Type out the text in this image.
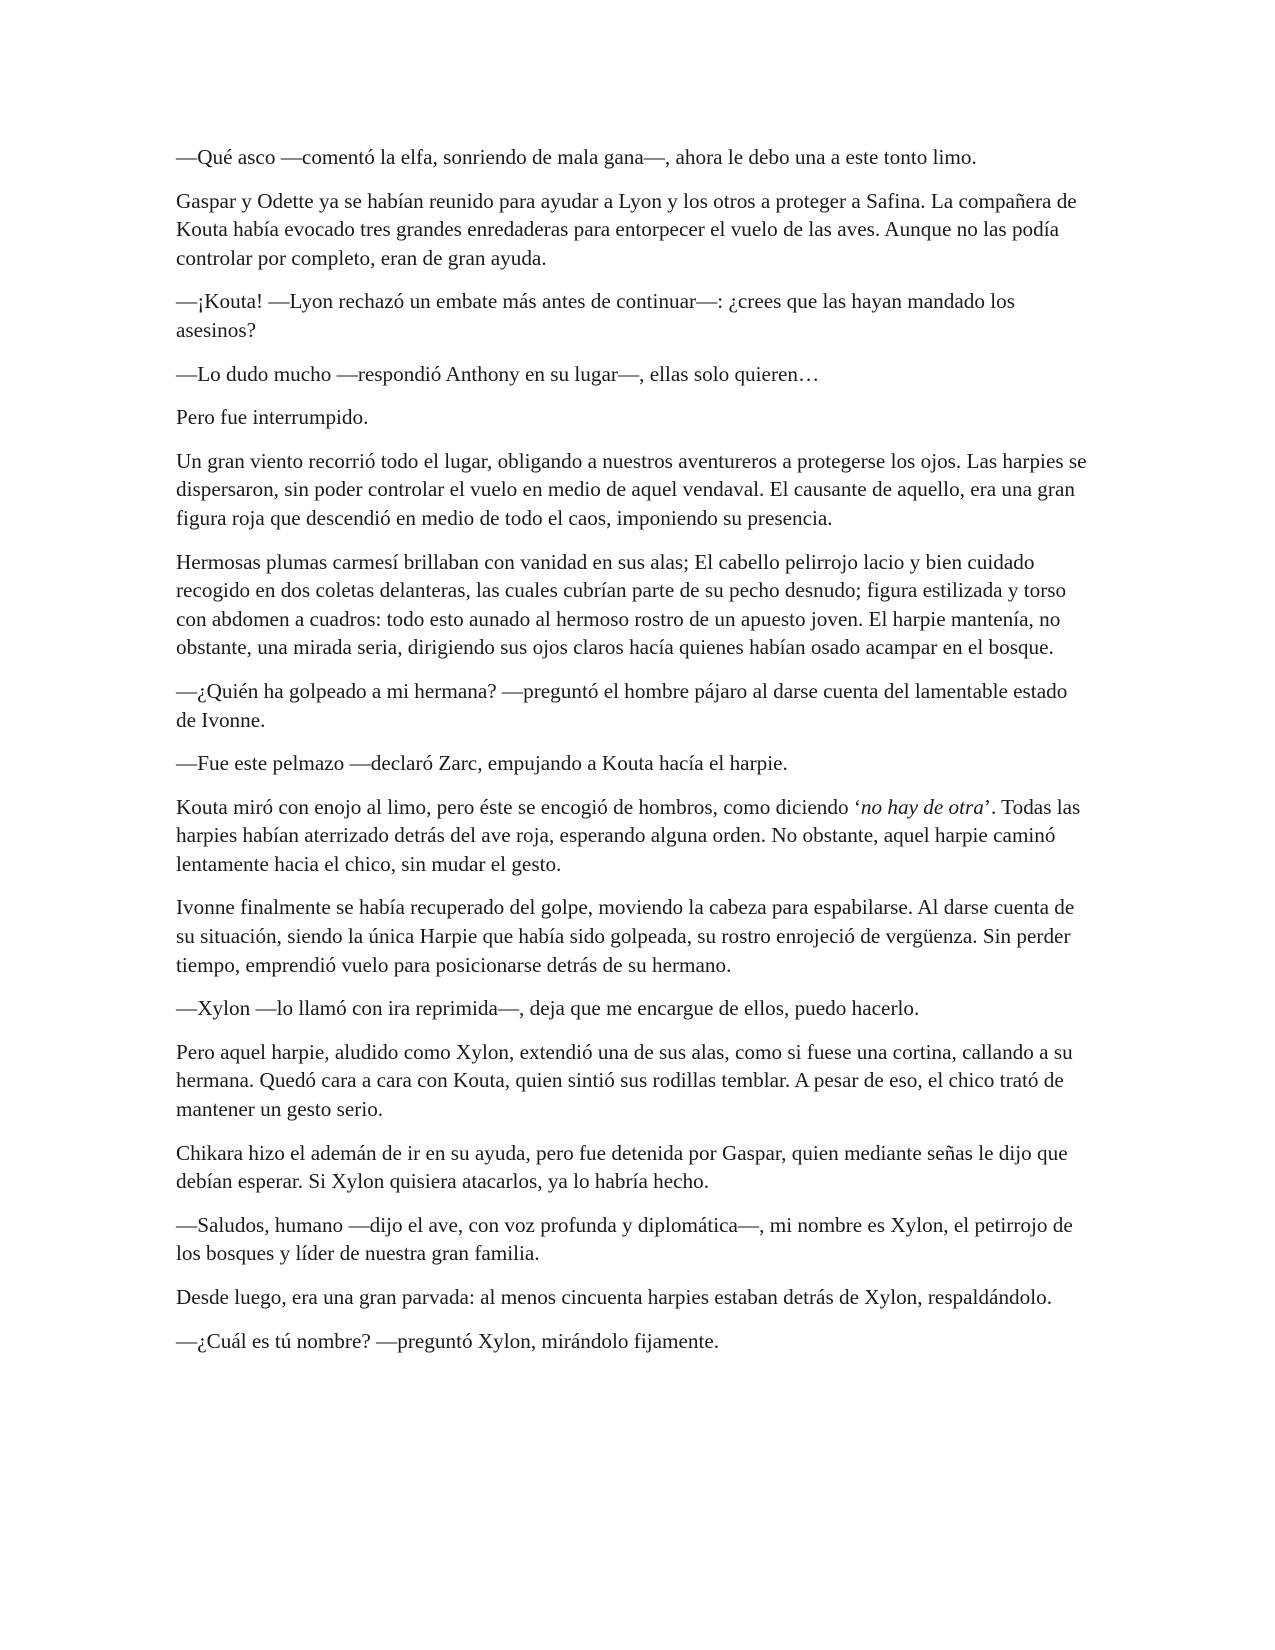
—Qué asco —comentó la elfa, sonriendo de mala gana—, ahora le debo una a este tonto limo.

Gaspar y Odette ya se habían reunido para ayudar a Lyon y los otros a proteger a Safina. La compañera de Kouta había evocado tres grandes enredaderas para entorpecer el vuelo de las aves. Aunque no las podía controlar por completo, eran de gran ayuda.

—¡Kouta! —Lyon rechazó un embate más antes de continuar—: ¿crees que las hayan mandado los asesinos?

—Lo dudo mucho —respondió Anthony en su lugar—, ellas solo quieren…

Pero fue interrumpido.

Un gran viento recorrió todo el lugar, obligando a nuestros aventureros a protegerse los ojos. Las harpies se dispersaron, sin poder controlar el vuelo en medio de aquel vendaval. El causante de aquello, era una gran figura roja que descendió en medio de todo el caos, imponiendo su presencia.

Hermosas plumas carmesí brillaban con vanidad en sus alas; El cabello pelirrojo lacio y bien cuidado recogido en dos coletas delanteras, las cuales cubrían parte de su pecho desnudo; figura estilizada y torso con abdomen a cuadros: todo esto aunado al hermoso rostro de un apuesto joven. El harpie mantenía, no obstante, una mirada seria, dirigiendo sus ojos claros hacía quienes habían osado acampar en el bosque.

—¿Quién ha golpeado a mi hermana? —preguntó el hombre pájaro al darse cuenta del lamentable estado de Ivonne.

—Fue este pelmazo —declaró Zarc, empujando a Kouta hacía el harpie.

Kouta miró con enojo al limo, pero éste se encogió de hombros, como diciendo ‘no hay de otra’. Todas las harpies habían aterrizado detrás del ave roja, esperando alguna orden. No obstante, aquel harpie caminó lentamente hacia el chico, sin mudar el gesto.

Ivonne finalmente se había recuperado del golpe, moviendo la cabeza para espabilarse. Al darse cuenta de su situación, siendo la única Harpie que había sido golpeada, su rostro enrojeció de vergüenza. Sin perder tiempo, emprendió vuelo para posicionarse detrás de su hermano.

—Xylon —lo llamó con ira reprimida—, deja que me encargue de ellos, puedo hacerlo.

Pero aquel harpie, aludido como Xylon, extendió una de sus alas, como si fuese una cortina, callando a su hermana. Quedó cara a cara con Kouta, quien sintió sus rodillas temblar. A pesar de eso, el chico trató de mantener un gesto serio.

Chikara hizo el ademán de ir en su ayuda, pero fue detenida por Gaspar, quien mediante señas le dijo que debían esperar. Si Xylon quisiera atacarlos, ya lo habría hecho.

—Saludos, humano —dijo el ave, con voz profunda y diplomática—, mi nombre es Xylon, el petirrojo de los bosques y líder de nuestra gran familia.

Desde luego, era una gran parvada: al menos cincuenta harpies estaban detrás de Xylon, respaldándolo.

—¿Cuál es tú nombre? —preguntó Xylon, mirándolo fijamente.
